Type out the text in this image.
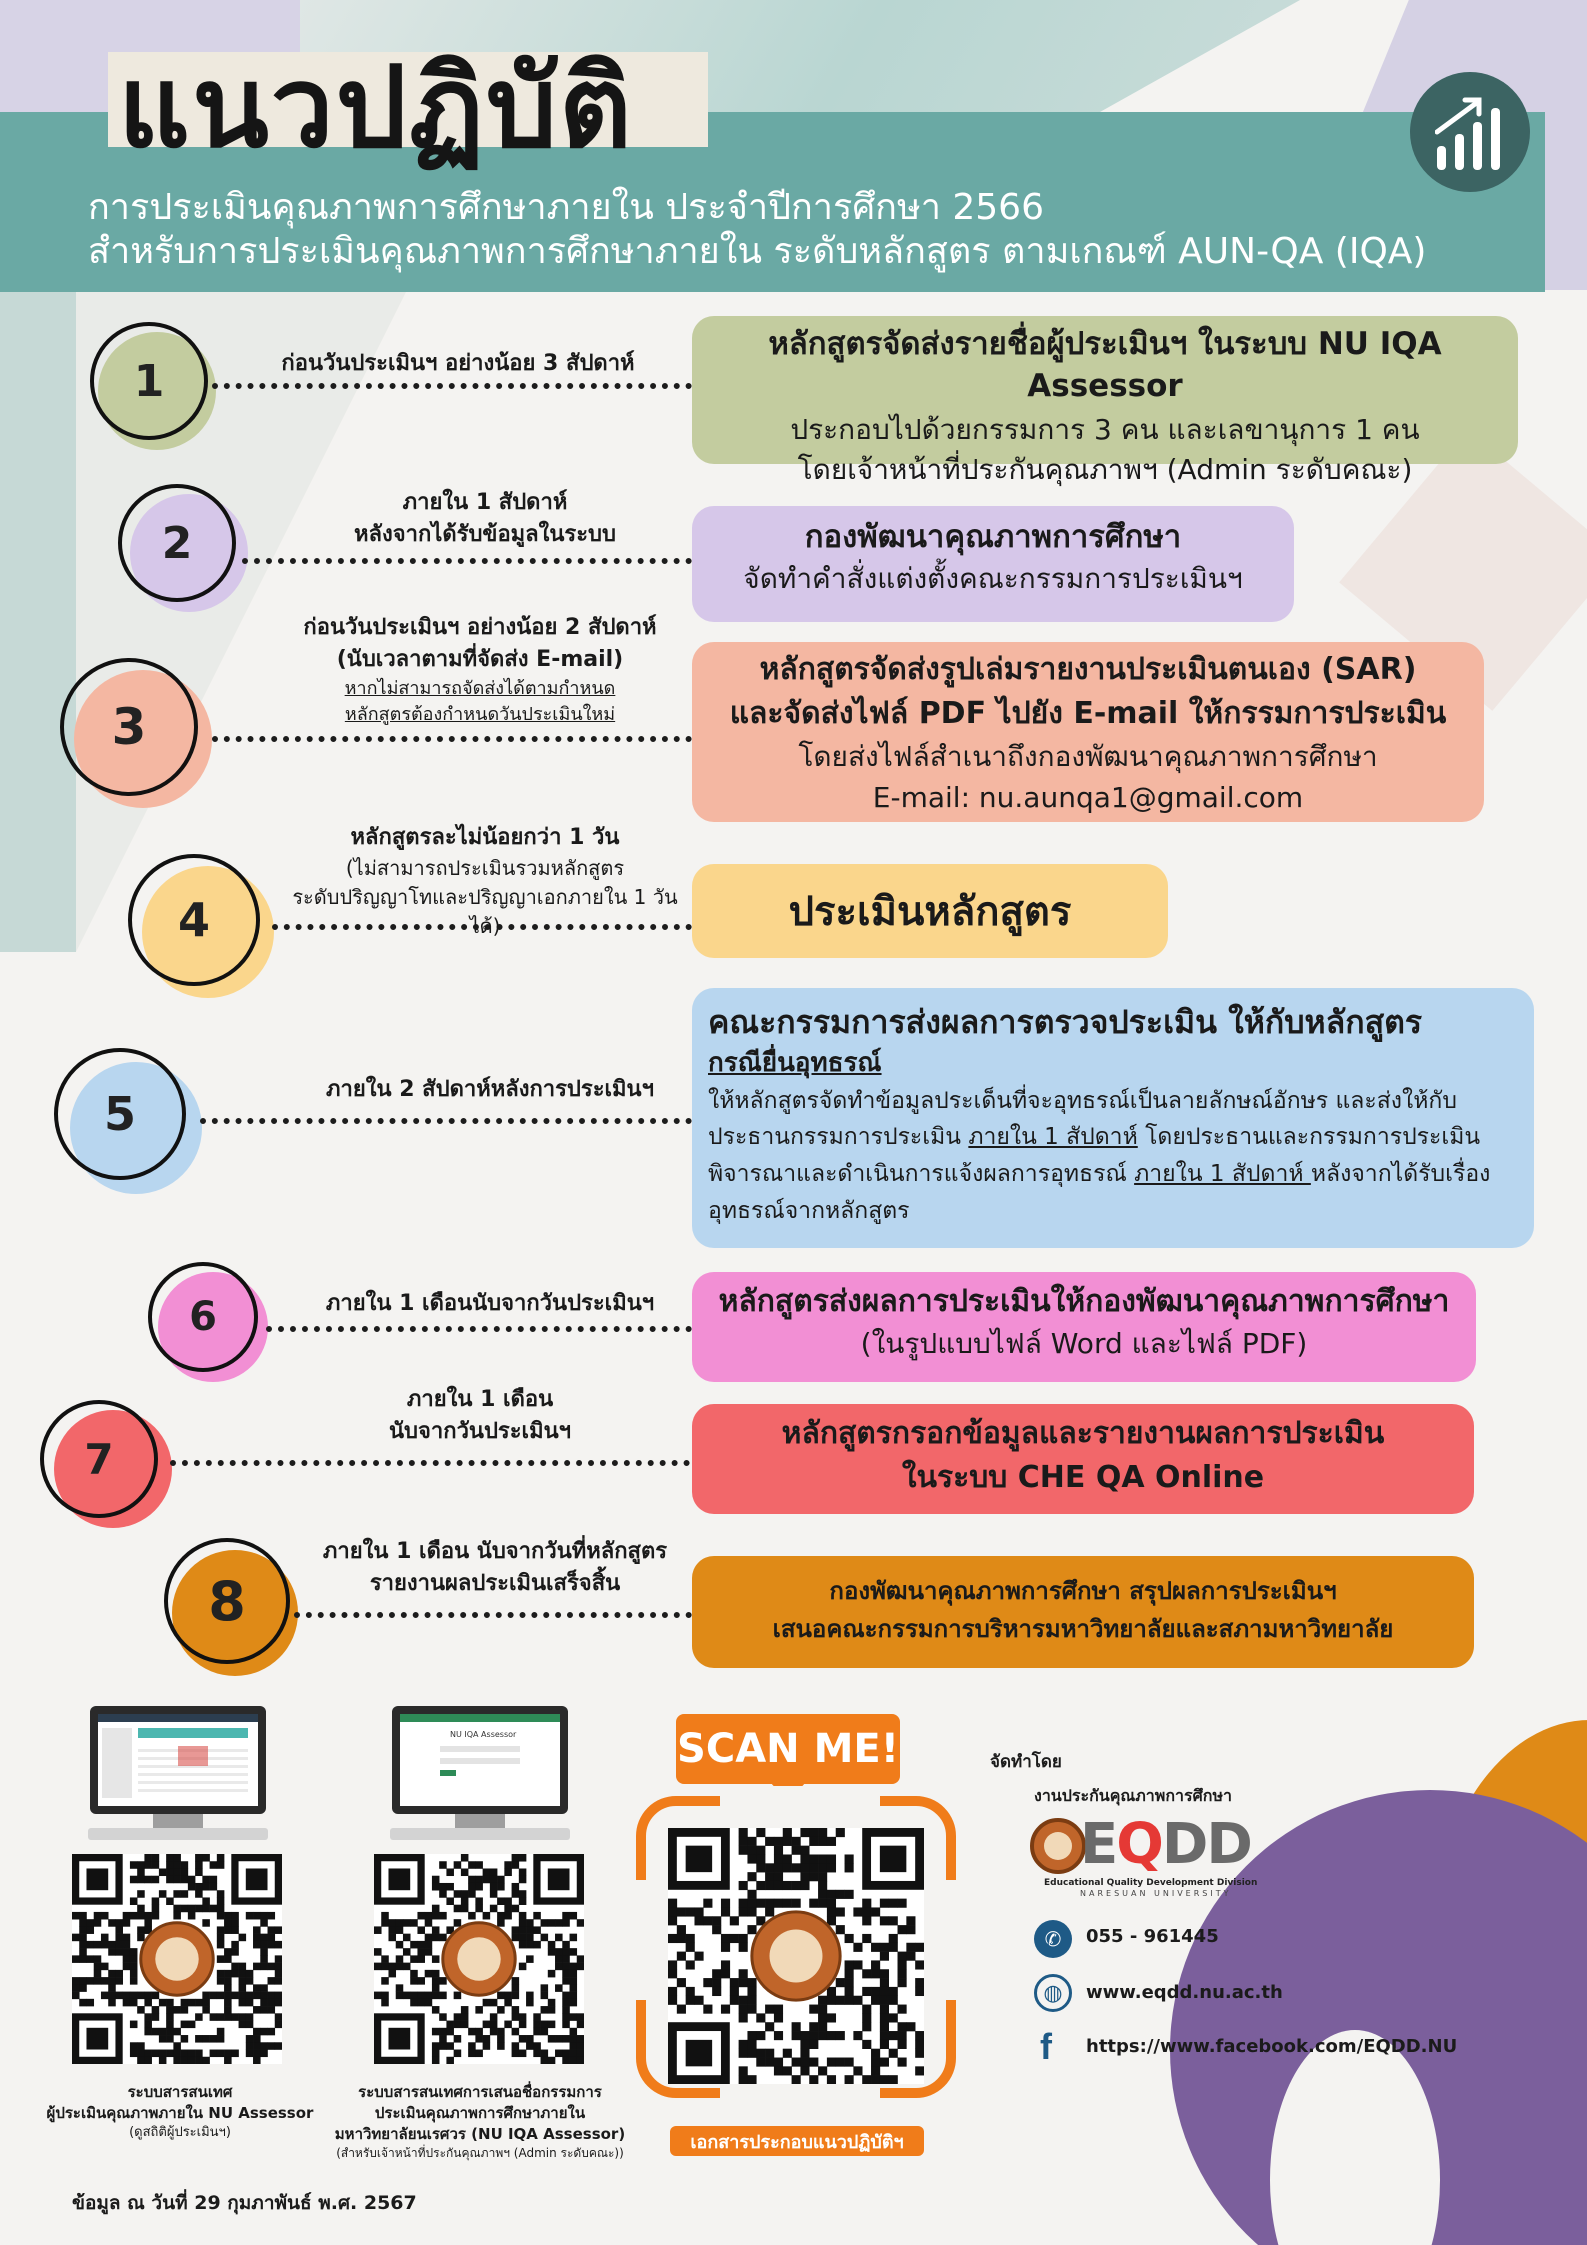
แนวปฏิบัติ
การประเมินคุณภาพการศึกษาภายใน ประจำปีการศึกษา 2566
สำหรับการประเมินคุณภาพการศึกษาภายใน ระดับหลักสูตร ตามเกณฑ์ AUN-QA (IQA)
1	ก่อนวันประเมินฯ อย่างน้อย 3 สัปดาห์
หลักสูตรจัดส่งรายชื่อผู้ประเมินฯ ในระบบ NU IQA Assessor
ประกอบไปด้วยกรรมการ 3 คน และเลขานุการ 1 คน
โดยเจ้าหน้าที่ประกันคุณภาพฯ (Admin ระดับคณะ)
2
ภายใน 1 สัปดาห์
หลังจากได้รับข้อมูลในระบบ	กองพัฒนาคุณภาพการศึกษา
จัดทำคำสั่งแต่งตั้งคณะกรรมการประเมินฯ
3
ก่อนวันประเมินฯ อย่างน้อย 2 สัปดาห์
(นับเวลาตามที่จัดส่ง E-mail)
หากไม่สามารถจัดส่งได้ตามกำหนด
หลักสูตรต้องกำหนดวันประเมินใหม่
หลักสูตรจัดส่งรูปเล่มรายงานประเมินตนเอง (SAR)
และจัดส่งไฟล์ PDF ไปยัง E-mail ให้กรรมการประเมิน
โดยส่งไฟล์สำเนาถึงกองพัฒนาคุณภาพการศึกษา
E-mail: nu.aunqa1@gmail.com
4
หลักสูตรละไม่น้อยกว่า 1 วัน
(ไม่สามารถประเมินรวมหลักสูตร
ระดับปริญญาโทและปริญญาเอกภายใน 1 วันได้)	ประเมินหลักสูตร
5	ภายใน 2 สัปดาห์หลังการประเมินฯ
คณะกรรมการส่งผลการตรวจประเมิน ให้กับหลักสูตร
กรณียื่นอุทธรณ์
ให้หลักสูตรจัดทำข้อมูลประเด็นที่จะอุทธรณ์เป็นลายลักษณ์อักษร และส่งให้กับ
ประธานกรรมการประเมิน ภายใน 1 สัปดาห์ โดยประธานและกรรมการประเมิน
พิจารณาและดำเนินการแจ้งผลการอุทธรณ์ ภายใน 1 สัปดาห์ หลังจากได้รับเรื่อง
อุทธรณ์จากหลักสูตร
6	ภายใน 1 เดือนนับจากวันประเมินฯ	หลักสูตรส่งผลการประเมินให้กองพัฒนาคุณภาพการศึกษา
(ในรูปแบบไฟล์ Word และไฟล์ PDF)
7
ภายใน 1 เดือน
นับจากวันประเมินฯ	หลักสูตรกรอกข้อมูลและรายงานผลการประเมิน
ในระบบ CHE QA Online
8
ภายใน 1 เดือน นับจากวันที่หลักสูตร
รายงานผลประเมินเสร็จสิ้น	กองพัฒนาคุณภาพการศึกษา สรุปผลการประเมินฯ
เสนอคณะกรรมการบริหารมหาวิทยาลัยและสภามหาวิทยาลัย
NU IQA Assessor
ระบบสารสนเทศ
ผู้ประเมินคุณภาพภายใน NU Assessor
(ดูสถิติผู้ประเมินฯ)
ระบบสารสนเทศการเสนอชื่อกรรมการ
ประเมินคุณภาพการศึกษาภายใน
มหาวิทยาลัยนเรศวร (NU IQA Assessor)
(สำหรับเจ้าหน้าที่ประกันคุณภาพฯ (Admin ระดับคณะ))
SCAN ME!
เอกสารประกอบแนวปฏิบัติฯ
จัดทำโดย
งานประกันคุณภาพการศึกษา
EQDD
Educational Quality Development Division
NARESUAN UNIVERSITY
✆	055 - 961445
◍	www.eqdd.nu.ac.th
f	https://www.facebook.com/EQDD.NU
ข้อมูล ณ วันที่ 29 กุมภาพันธ์ พ.ศ. 2567
